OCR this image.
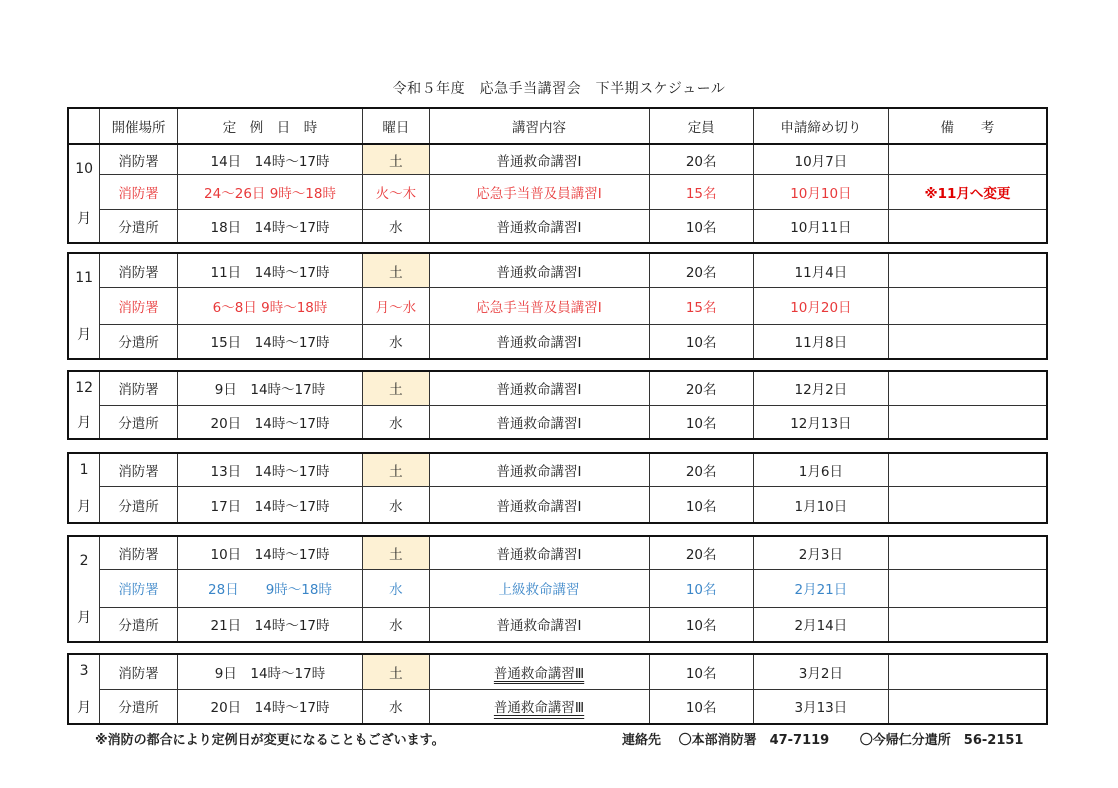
令和５年度　応急手当講習会　下半期スケジュール
	開催場所	定　例　日　時	曜日	講習内容	定員	申請締め切り	備　　考
10
月	消防署	14日　14時～17時	土	普通救命講習Ⅰ	20名	10月7日	
	消防署	24～26日 9時～18時	火～木	応急手当普及員講習Ⅰ	15名	10月10日	※11月へ変更
	分遣所	18日　14時～17時	水	普通救命講習Ⅰ	10名	10月11日	
11
月	消防署	11日　14時～17時	土	普通救命講習Ⅰ	20名	11月4日	
	消防署	6～8日 9時～18時	月～水	応急手当普及員講習Ⅰ	15名	10月20日	
	分遣所	15日　14時～17時	水	普通救命講習Ⅰ	10名	11月8日	
12
月	消防署	9日　14時～17時	土	普通救命講習Ⅰ	20名	12月2日	
	分遣所	20日　14時～17時	水	普通救命講習Ⅰ	10名	12月13日	
1
月	消防署	13日　14時～17時	土	普通救命講習Ⅰ	20名	1月6日	
	分遣所	17日　14時～17時	水	普通救命講習Ⅰ	10名	1月10日	
2
月	消防署	10日　14時～17時	土	普通救命講習Ⅰ	20名	2月3日	
	消防署	28日　　9時～18時	水	上級救命講習	10名	2月21日	
	分遣所	21日　14時～17時	水	普通救命講習Ⅰ	10名	2月14日	
3
月	消防署	9日　14時～17時	土	普通救命講習Ⅲ	10名	3月2日	
	分遣所	20日　14時～17時	水	普通救命講習Ⅲ	10名	3月13日	
※消防の都合により定例日が変更になることもございます。	連絡先　 〇本部消防署　47-7119　　 〇今帰仁分遣所　56-2151
